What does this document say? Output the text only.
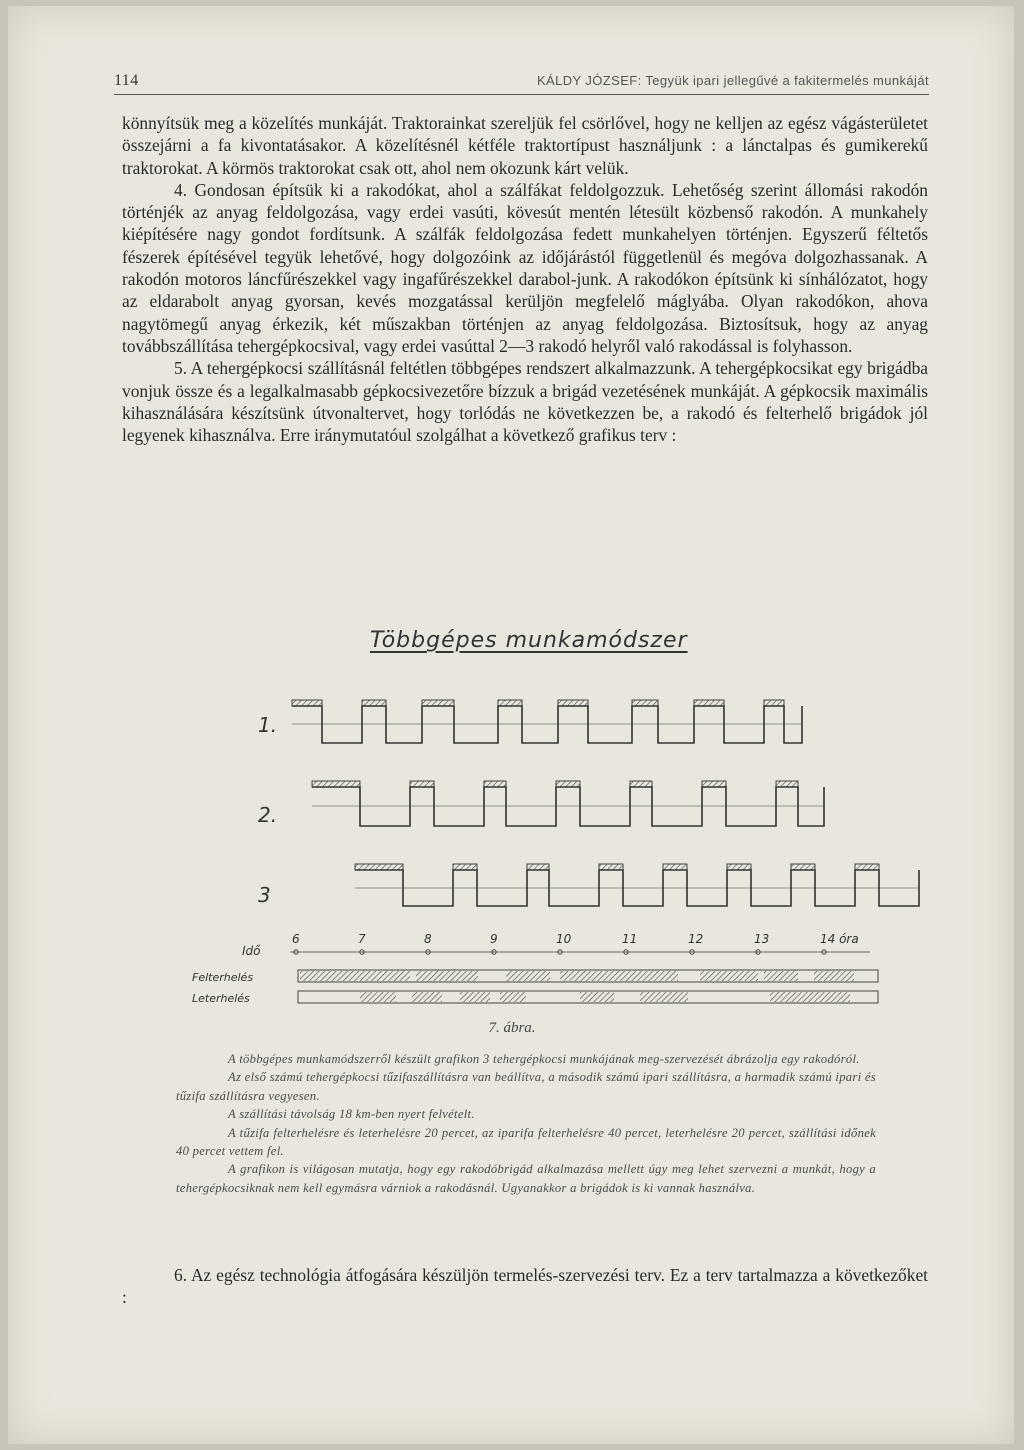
114	KÁLDY JÓZSEF: Tegyük ipari jellegűvé a fakitermelés munkáját

könnyítsük meg a közelítés munkáját. Traktorainkat szereljük fel csörlővel, hogy ne kelljen az egész vágásterületet összejárni a fa kivontatásakor. A közelítésnél kétféle traktortípust használjunk : a lánctalpas és gumikerekű traktorokat. A körmös traktorokat csak ott, ahol nem okozunk kárt velük.

4. Gondosan építsük ki a rakodókat, ahol a szálfákat feldolgozzuk. Lehetőség szerint állomási rakodón történjék az anyag feldolgozása, vagy erdei vasúti, kövesút mentén létesült közbenső rakodón. A munkahely kiépítésére nagy gondot fordítsunk. A szálfák feldolgozása fedett munkahelyen történjen. Egyszerű féltetős fészerek építésével tegyük lehetővé, hogy dolgozóink az időjárástól függetlenül és megóva dolgozhassanak. A rakodón motoros láncfűrészekkel vagy ingafűrészekkel darabol-junk. A rakodókon építsünk ki sínhálózatot, hogy az eldarabolt anyag gyorsan, kevés mozgatással kerüljön megfelelő máglyába. Olyan rakodókon, ahova nagytömegű anyag érkezik, két műszakban történjen az anyag feldolgozása. Biztosítsuk, hogy az anyag továbbszállítása tehergépkocsival, vagy erdei vasúttal 2—3 rakodó helyről való rakodással is folyhasson.

5. A tehergépkocsi szállításnál feltétlen többgépes rendszert alkalmazzunk. A tehergépkocsikat egy brigádba vonjuk össze és a legalkalmasabb gépkocsivezetőre bízzuk a brigád vezetésének munkáját. A gépkocsik maximális kihasználására készítsünk útvonaltervet, hogy torlódás ne következzen be, a rakodó és felterhelő brigádok jól legyenek kihasználva. Erre iránymutatóul szolgálhat a következő grafikus terv :

Többgépes munkamódszer
1.
2.
3
Idő
6	7	8	9	10	11	12	13	14 óra
Felterhelés
Leterhelés
7. ábra.

A többgépes munkamódszerről készült grafikon 3 tehergépkocsi munkájának meg-szervezését ábrázolja egy rakodóról.

Az első számú tehergépkocsi tűzifaszállításra van beállítva, a második számú ipari szállításra, a harmadik számú ipari és tűzifa szállításra vegyesen.

A szállítási távolság 18 km-ben nyert felvételt.

A tűzifa felterhelésre és leterhelésre 20 percet, az iparifa felterhelésre 40 percet, leterhelésre 20 percet, szállítási időnek 40 percet vettem fel.

A grafikon is világosan mutatja, hogy egy rakodóbrigád alkalmazása mellett úgy meg lehet szervezni a munkát, hogy a tehergépkocsiknak nem kell egymásra várniok a rakodásnál. Ugyanakkor a brigádok is ki vannak használva.

6. Az egész technológia átfogására készüljön termelés-szervezési terv. Ez a terv tartalmazza a következőket :
